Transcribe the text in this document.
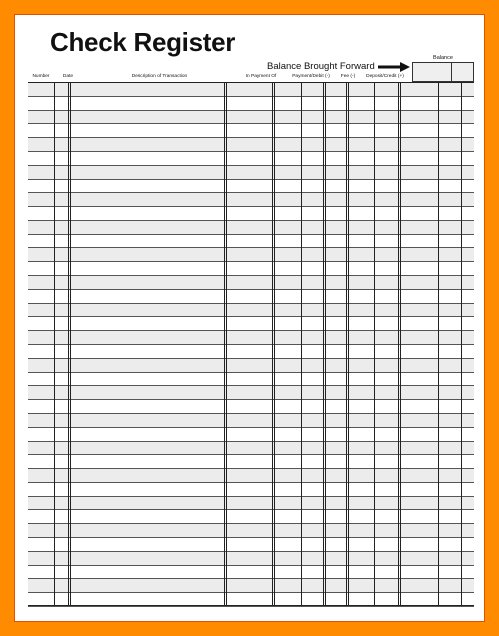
Check Register
Balance Brought Forward
Balance
Number	Date	Description of Transaction	In Payment Of	Payment/Debit (-)	Fee (-)	Deposit/Credit (+)
